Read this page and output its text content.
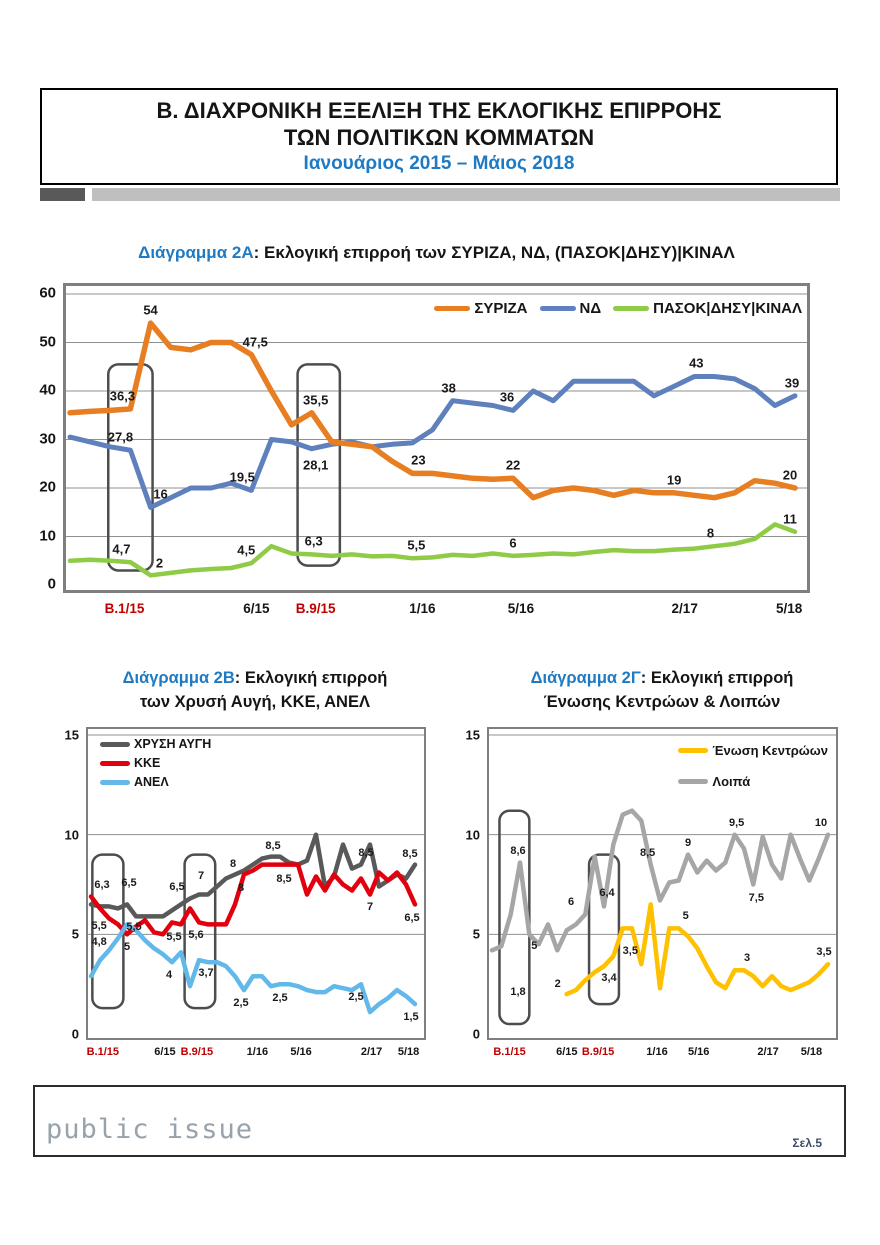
Β. ΔΙΑΧΡΟΝΙΚΗ ΕΞΕΛΙΞΗ ΤΗΣ ΕΚΛΟΓΙΚΗΣ ΕΠΙΡΡΟΗΣ
ΤΩΝ ΠΟΛΙΤΙΚΩΝ ΚΟΜΜΑΤΩΝ
Ιανουάριος 2015 – Μάιος 2018
Διάγραμμα 2Α: Εκλογική επιρροή των ΣΥΡΙΖΑ, ΝΔ, (ΠΑΣΟΚ|ΔΗΣΥ)|ΚΙΝΑΛ
36,3
54
47,5
35,5
23	22
19	20
27,8
16
19,5
28,1
38
36
43
39
4,7
2
4,5
6,3	5,5	6
8
11
ΣΥΡΙΖΑ	ΝΔ	ΠΑΣΟΚ|ΔΗΣΥ|ΚΙΝΑΛ
0
10
20
30
40
50
60
Β.1/15	6/15 Β.9/15	1/16	5/16	2/17	5/18
Διάγραμμα 2Β: Εκλογική επιρροή
των Χρυσή Αυγή, ΚΚΕ, ΑΝΕΛ
6,3 6,5
5,5
6,5
7
8
8,5
8,5	8,5
5,5
4,8 5
5,5 5,6
8
8,5
7
6,5
4 3,7
2,5 2,5	2,5
1,5
ΧΡΥΣΗ ΑΥΓΗ
ΚΚΕ
ΑΝΕΛ
0
5
10
15
Β.1/15	6/15 Β.9/15	1/16 5/16	2/17 5/18
Διάγραμμα 2Γ: Εκλογική επιρροή
Ένωσης Κεντρώων & Λοιπών
8,6
5
6
6,4
8,5
9
9,5
7,5
10
1,8
2	3,4
3,5
5
3	3,5
Ένωση Κεντρώων
Λοιπά
0
5
10
15
Β.1/15	6/15 Β.9/15	1/16 5/16	2/17 5/18
public issue	Σελ.5
